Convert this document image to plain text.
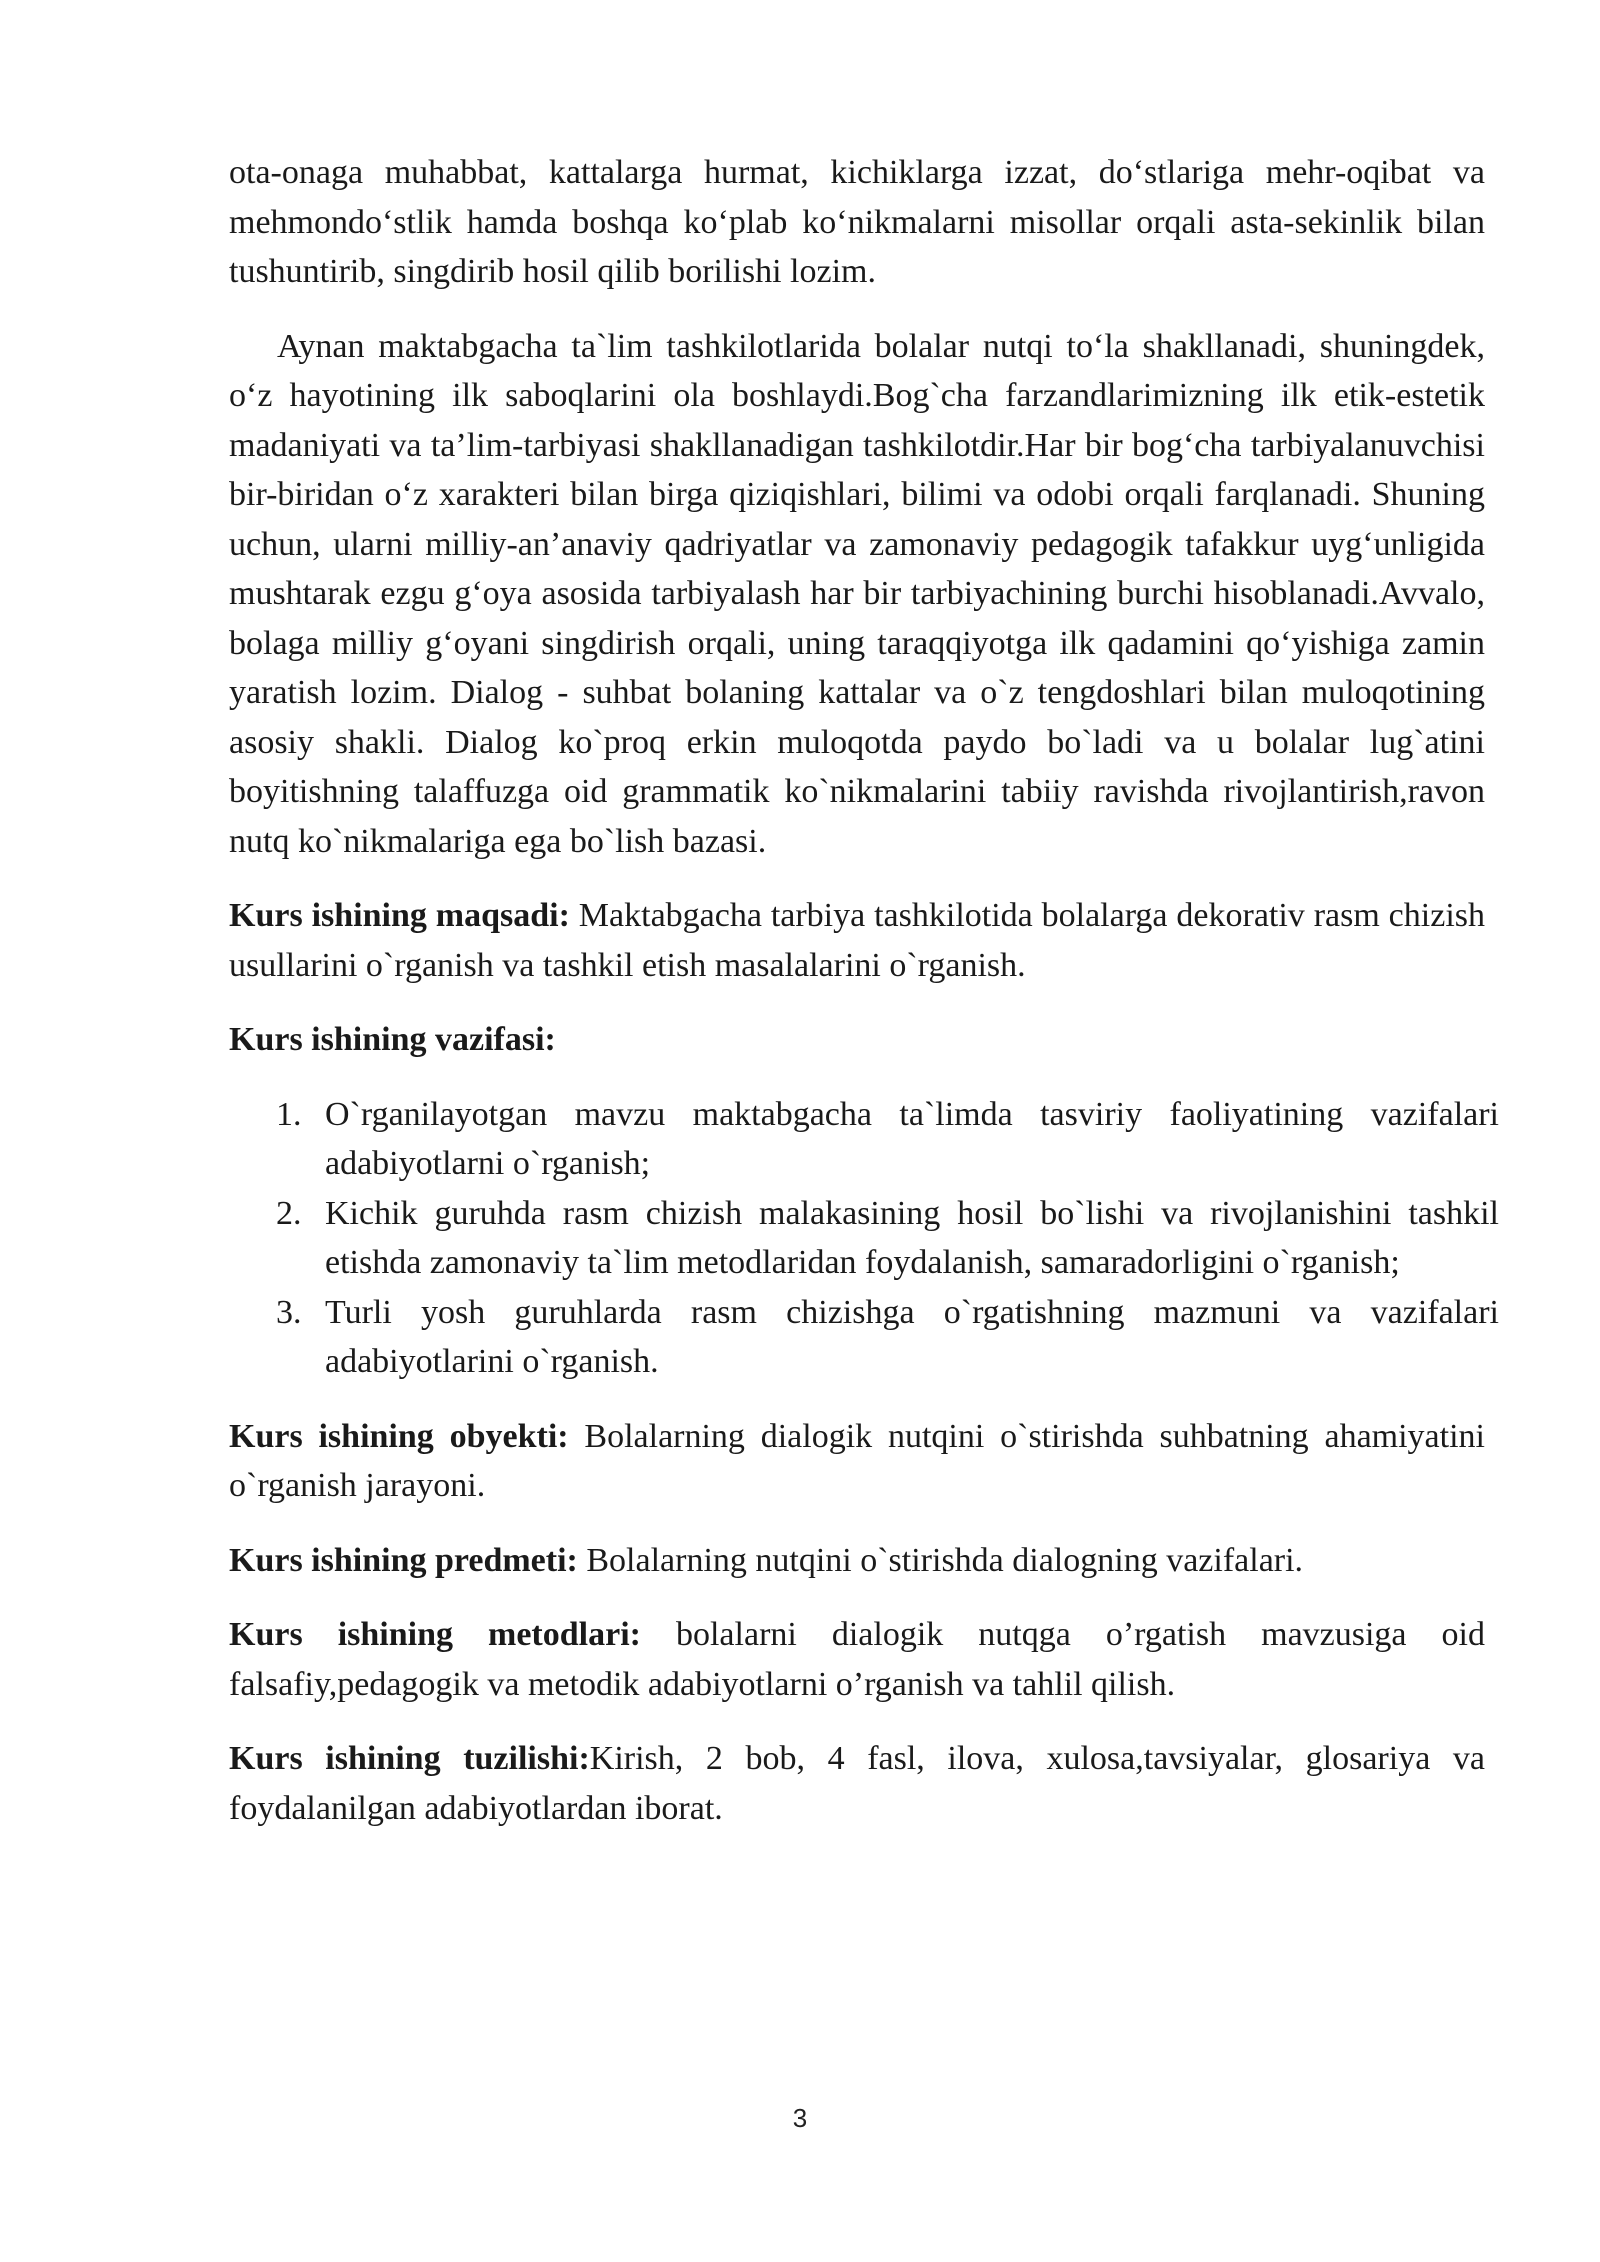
ota-onaga muhabbat, kattalarga hurmat, kichiklarga izzat, do‘stlariga mehr-oqibat va mehmondo‘stlik hamda boshqa ko‘plab ko‘nikmalarni misollar orqali asta-sekinlik bilan tushuntirib, singdirib hosil qilib borilishi lozim.

Aynan maktabgacha ta`lim tashkilotlarida bolalar nutqi to‘la shakllanadi, shuningdek, o‘z hayotining ilk saboqlarini ola boshlaydi.Bog`cha farzandlarimizning ilk etik-estetik madaniyati va ta’lim-tarbiyasi shakllanadigan tashkilotdir.Har bir bog‘cha tarbiyalanuvchisi bir-biridan o‘z xarakteri bilan birga qiziqishlari, bilimi va odobi orqali farqlanadi. Shuning uchun, ularni milliy-an’anaviy qadriyatlar va zamonaviy pedagogik tafakkur uyg‘unligida mushtarak ezgu g‘oya asosida tarbiyalash har bir tarbiyachining burchi hisoblanadi.Avvalo, bolaga milliy g‘oyani singdirish orqali, uning taraqqiyotga ilk qadamini qo‘yishiga zamin yaratish lozim. Dialog - suhbat bolaning kattalar va o`z tengdoshlari bilan muloqotining asosiy shakli. Dialog ko`proq erkin muloqotda paydo bo`ladi va u bolalar lug`atini boyitishning talaffuzga oid grammatik ko`nikmalarini tabiiy ravishda rivojlantirish,ravon nutq ko`nikmalariga ega bo`lish bazasi.

Kurs ishining maqsadi: Maktabgacha tarbiya tashkilotida bolalarga dekorativ rasm chizish usullarini o`rganish va tashkil etish masalalarini o`rganish.

Kurs ishining vazifasi:

1. O`rganilayotgan mavzu maktabgacha ta`limda tasviriy faoliyatining vazifalari adabiyotlarni o`rganish;
2. Kichik guruhda rasm chizish malakasining hosil bo`lishi va rivojlanishini tashkil etishda zamonaviy ta`lim metodlaridan foydalanish, samaradorligini o`rganish;
3. Turli yosh guruhlarda rasm chizishga o`rgatishning mazmuni va vazifalari adabiyotlarini o`rganish.

Kurs ishining obyekti: Bolalarning dialogik nutqini o`stirishda suhbatning ahamiyatini o`rganish jarayoni.

Kurs ishining predmeti: Bolalarning nutqini o`stirishda dialogning vazifalari.

Kurs ishining metodlari: bolalarni dialogik nutqga o’rgatish mavzusiga oid falsafiy,pedagogik va metodik adabiyotlarni o’rganish va tahlil qilish.

Kurs ishining tuzilishi:Kirish, 2 bob, 4 fasl, ilova, xulosa,tavsiyalar, glosariya va foydalanilgan adabiyotlardan iborat.

3
